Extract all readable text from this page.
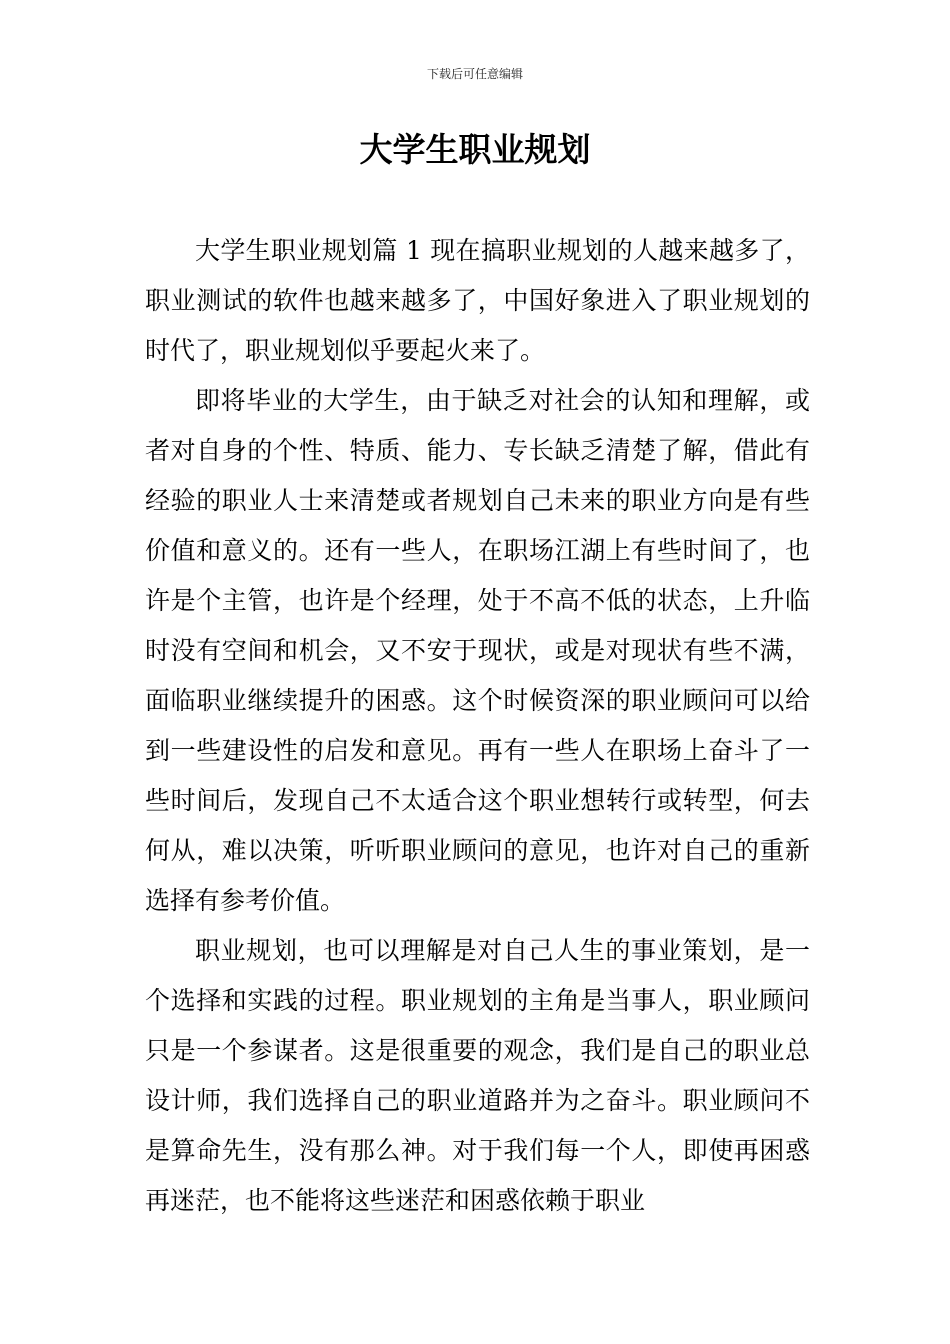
下载后可任意编辑
大学生职业规划

大学生职业规划篇 1 现在搞职业规划的人越来越多了，职业测试的软件也越来越多了，中国好象进入了职业规划的时代了，职业规划似乎要起火来了。

即将毕业的大学生，由于缺乏对社会的认知和理解，或者对自身的个性、特质、能力、专长缺乏清楚了解，借此有经验的职业人士来清楚或者规划自己未来的职业方向是有些价值和意义的。还有一些人，在职场江湖上有些时间了，也许是个主管，也许是个经理，处于不高不低的状态，上升临时没有空间和机会，又不安于现状，或是对现状有些不满，面临职业继续提升的困惑。这个时候资深的职业顾问可以给到一些建设性的启发和意见。再有一些人在职场上奋斗了一些时间后，发现自己不太适合这个职业想转行或转型，何去何从，难以决策，听听职业顾问的意见，也许对自己的重新选择有参考价值。

职业规划，也可以理解是对自己人生的事业策划，是一个选择和实践的过程。职业规划的主角是当事人，职业顾问只是一个参谋者。这是很重要的观念，我们是自己的职业总设计师，我们选择自己的职业道路并为之奋斗。职业顾问不是算命先生，没有那么神。对于我们每一个人，即使再困惑再迷茫，也不能将这些迷茫和困惑依赖于职业
